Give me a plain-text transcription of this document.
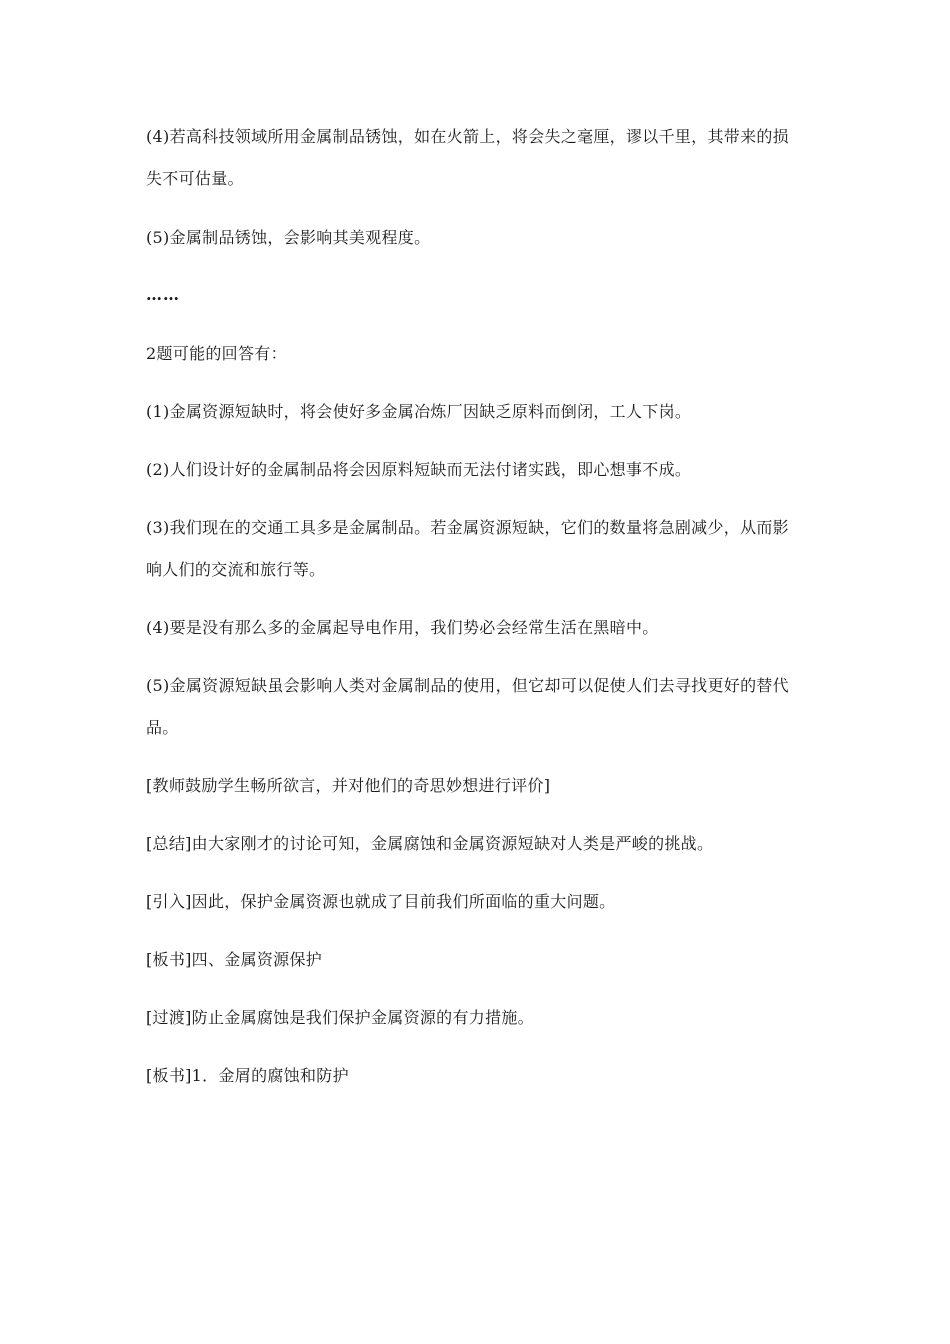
(4)若高科技领域所用金属制品锈蚀，如在火箭上，将会失之毫厘，谬以千里，其带来的损
失不可估量。
(5)金属制品锈蚀，会影响其美观程度。
……
2题可能的回答有：
(1)金属资源短缺时，将会使好多金属冶炼厂因缺乏原料而倒闭，工人下岗。
(2)人们设计好的金属制品将会因原料短缺而无法付诸实践，即心想事不成。
(3)我们现在的交通工具多是金属制品。若金属资源短缺，它们的数量将急剧减少，从而影
响人们的交流和旅行等。
(4)要是没有那么多的金属起导电作用，我们势必会经常生活在黑暗中。
(5)金属资源短缺虽会影响人类对金属制品的使用，但它却可以促使人们去寻找更好的替代
品。
[教师鼓励学生畅所欲言，并对他们的奇思妙想进行评价]
[总结]由大家刚才的讨论可知，金属腐蚀和金属资源短缺对人类是严峻的挑战。
[引入]因此，保护金属资源也就成了目前我们所面临的重大问题。
[板书]四、金属资源保护
[过渡]防止金属腐蚀是我们保护金属资源的有力措施。
[板书]1．金屑的腐蚀和防护
